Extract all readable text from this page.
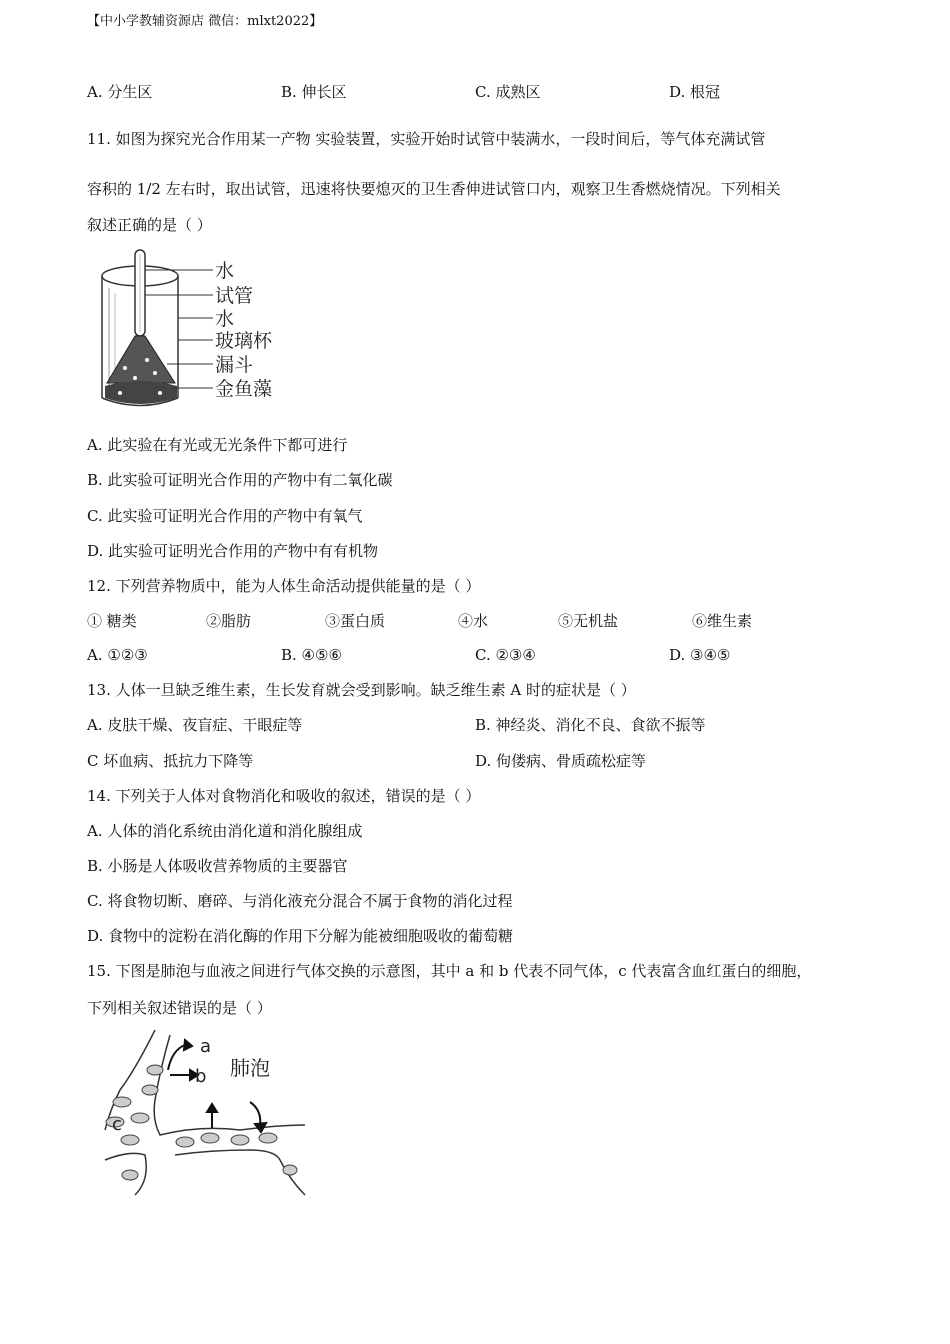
【中小学教辅资源店 微信：mlxt2022】
A. 分生区	B. 伸长区	C. 成熟区	D. 根冠
11. 如图为探究光合作用某一产物 实验装置，实验开始时试管中装满水，一段时间后，等气体充满试管
容积的 1/2 左右时，取出试管，迅速将快要熄灭的卫生香伸进试管口内，观察卫生香燃烧情况。下列相关
叙述正确的是（ ）
水
试管
水
玻璃杯
漏斗
金鱼藻
A. 此实验在有光或无光条件下都可进行
B. 此实验可证明光合作用的产物中有二氧化碳
C. 此实验可证明光合作用的产物中有氧气
D. 此实验可证明光合作用的产物中有有机物
12. 下列营养物质中，能为人体生命活动提供能量的是（ ）
① 糖类	②脂肪	③蛋白质	④水	⑤无机盐	⑥维生素
A. ①②③	B. ④⑤⑥	C. ②③④	D. ③④⑤
13. 人体一旦缺乏维生素，生长发育就会受到影响。缺乏维生素 A 时的症状是（ ）
A. 皮肤干燥、夜盲症、干眼症等	B. 神经炎、消化不良、食欲不振等
C 坏血病、抵抗力下降等	D. 佝偻病、骨质疏松症等
14. 下列关于人体对食物消化和吸收的叙述，错误的是（ ）
A. 人体的消化系统由消化道和消化腺组成
B. 小肠是人体吸收营养物质的主要器官
C. 将食物切断、磨碎、与消化液充分混合不属于食物的消化过程
D. 食物中的淀粉在消化酶的作用下分解为能被细胞吸收的葡萄糖
15. 下图是肺泡与血液之间进行气体交换的示意图，其中 a 和 b 代表不同气体，c 代表富含血红蛋白的细胞，
下列相关叙述错误的是（ ）
a
b
c
肺泡
